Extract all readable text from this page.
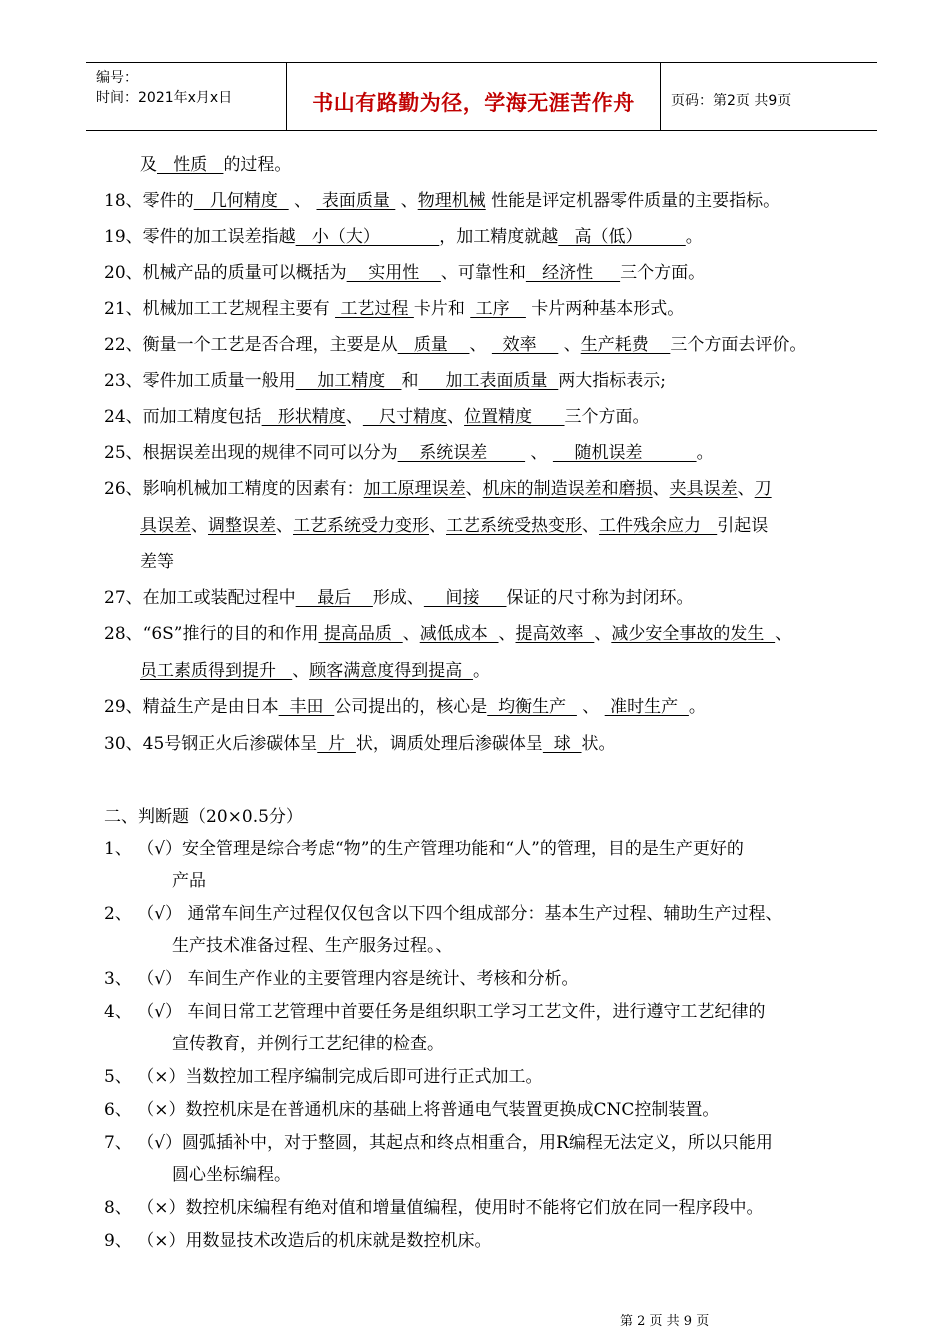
编号：
时间：2021年x月x日	书山有路勤为径，学海无涯苦作舟	页码：第2页 共9页
及   性质   的过程。
18、零件的   几何精度   、  表面质量  、物理机械 性能是评定机器零件质量的主要指标。
19、零件的加工误差指越   小（大）           ，加工精度就越   高（低）        。
20、机械产品的质量可以概括为    实用性    、可靠性和   经济性     三个方面。
21、机械加工工艺规程主要有  工艺过程 卡片和  工序    卡片两种基本形式。
22、衡量一个工艺是否合理，主要是从   质量    、   效率     、生产耗费    三个方面去评价。
23、零件加工质量一般用    加工精度   和     加工表面质量  两大指标表示;
24、而加工精度包括   形状精度、   尺寸精度、位置精度      三个方面。
25、根据误差出现的规律不同可以分为    系统误差        、     随机误差          。
26、影响机械加工精度的因素有：加工原理误差、机床的制造误差和磨损、夹具误差、刀
具误差、调整误差、工艺系统受力变形、工艺系统受热变形、工件残余应力   引起误
差等
27、在加工或装配过程中    最后    形成、    间接     保证的尺寸称为封闭环。
28、“6S”推行的目的和作用 提高品质  、减低成本  、提高效率  、减少安全事故的发生  、
员工素质得到提升   、顾客满意度得到提高  。
29、精益生产是由日本  丰田  公司提出的，核心是  均衡生产   、  准时生产  。
30、45号钢正火后渗碳体呈  片  状，调质处理后渗碳体呈  球  状。
二、判断题（20×0.5分）
1、 （√）安全管理是综合考虑“物”的生产管理功能和“人”的管理，目的是生产更好的
产品
2、 （√） 通常车间生产过程仅仅包含以下四个组成部分：基本生产过程、辅助生产过程、
生产技术准备过程、生产服务过程。、
3、 （√） 车间生产作业的主要管理内容是统计、考核和分析。
4、 （√） 车间日常工艺管理中首要任务是组织职工学习工艺文件，进行遵守工艺纪律的
宣传教育，并例行工艺纪律的检查。
5、 （×）当数控加工程序编制完成后即可进行正式加工。
6、 （×）数控机床是在普通机床的基础上将普通电气装置更换成CNC控制装置。
7、 （√）圆弧插补中，对于整圆，其起点和终点相重合，用R编程无法定义，所以只能用
圆心坐标编程。
8、 （×）数控机床编程有绝对值和增量值编程，使用时不能将它们放在同一程序段中。
9、 （×）用数显技术改造后的机床就是数控机床。
第 2 页 共 9 页
